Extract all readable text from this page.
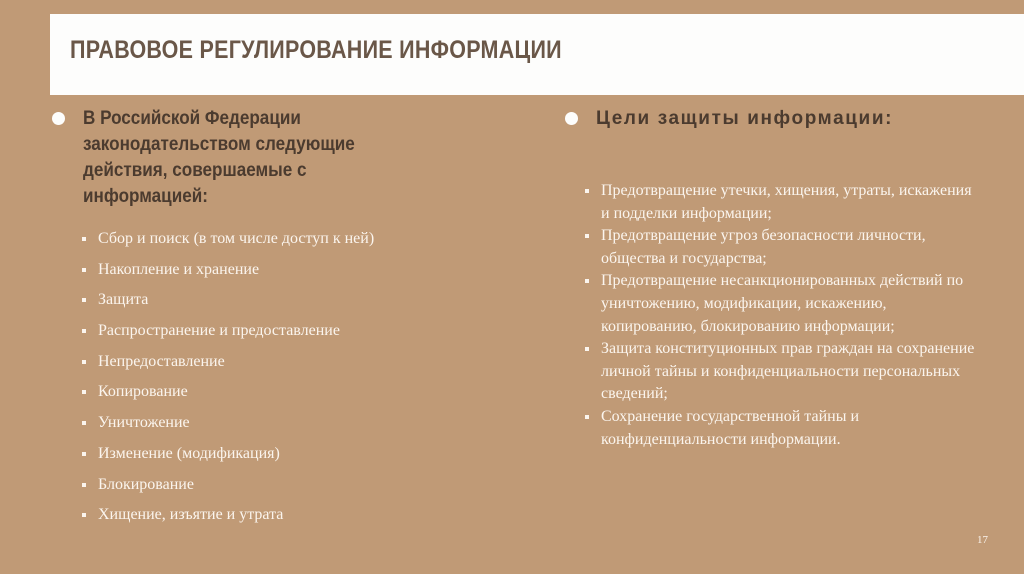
ПРАВОВОЕ РЕГУЛИРОВАНИЕ ИНФОРМАЦИИ
В Российской Федерации законодательством следующие действия, совершаемые с информацией:
Сбор и поиск (в том числе доступ к ней)
Накопление и хранение
Защита
Распространение и предоставление
Непредоставление
Копирование
Уничтожение
Изменение (модификация)
Блокирование
Хищение, изъятие и утрата
Цели защиты информации:
Предотвращение утечки, хищения, утраты, искажения и подделки информации;
Предотвращение угроз безопасности личности, общества и государства;
Предотвращение несанкционированных действий по уничтожению, модификации, искажению, копированию, блокированию информации;
Защита конституционных прав граждан на сохранение личной тайны и конфиденциальности персональных сведений;
Сохранение государственной тайны и конфиденциальности информации.
17
